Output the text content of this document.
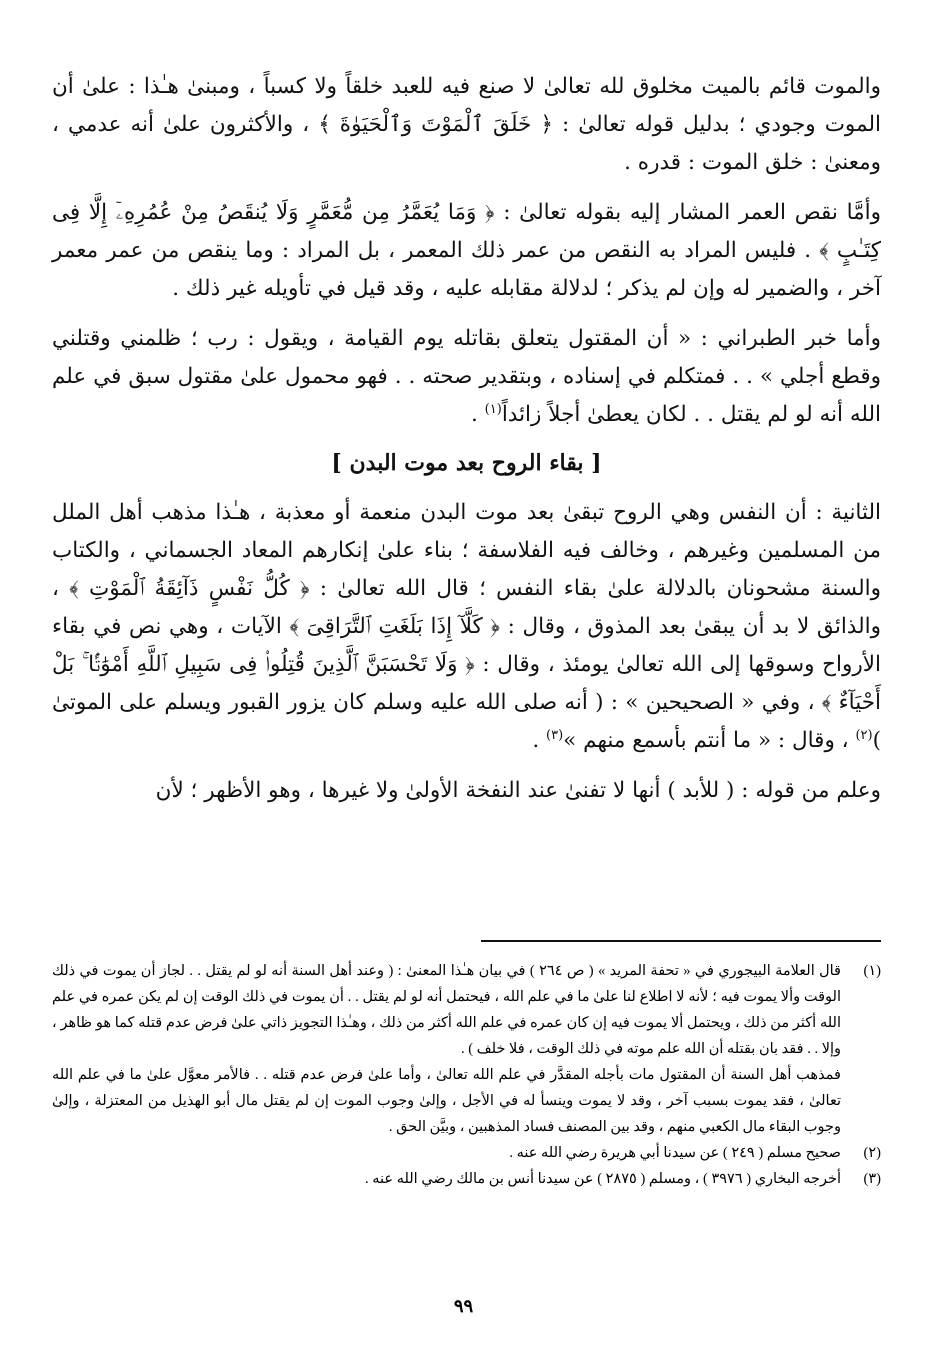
والموت قائم بالميت مخلوق لله تعالىٰ لا صنع فيه للعبد خلقاً ولا كسباً ، ومبنىٰ هـٰذا : علىٰ أن الموت وجودي ؛ بدليل قوله تعالىٰ : ﴿ خَلَقَ ٱلْمَوْتَ وَٱلْحَيَوٰةَ ﴾ ، والأكثرون علىٰ أنه عدمي ، ومعنىٰ : خلق الموت : قدره .

وأمَّا نقص العمر المشار إليه بقوله تعالىٰ : ﴿ وَمَا يُعَمَّرُ مِن مُّعَمَّرٍ وَلَا يُنقَصُ مِنْ عُمُرِهِۦٓ إِلَّا فِى كِتَـٰبٍ ﴾ . فليس المراد به النقص من عمر ذلك المعمر ، بل المراد : وما ينقص من عمر معمر آخر ، والضمير له وإن لم يذكر ؛ لدلالة مقابله عليه ، وقد قيل في تأويله غير ذلك .

وأما خبر الطبراني : « أن المقتول يتعلق بقاتله يوم القيامة ، ويقول : رب ؛ ظلمني وقتلني وقطع أجلي » . . فمتكلم في إسناده ، وبتقدير صحته . . فهو محمول علىٰ مقتول سبق في علم الله أنه لو لم يقتل . . لكان يعطىٰ أجلاً زائداً$^{(١)}$ .

[ بقاء الروح بعد موت البدن ]

الثانية : أن النفس وهي الروح تبقىٰ بعد موت البدن منعمة أو معذبة ، هـٰذا مذهب أهل الملل من المسلمين وغيرهم ، وخالف فيه الفلاسفة ؛ بناء علىٰ إنكارهم المعاد الجسماني ، والكتاب والسنة مشحونان بالدلالة علىٰ بقاء النفس ؛ قال الله تعالىٰ : ﴿ كُلُّ نَفْسٍ ذَآئِقَةُ ٱلْمَوْتِ ﴾ ، والذائق لا بد أن يبقىٰ بعد المذوق ، وقال : ﴿ كَلَّآ إِذَا بَلَغَتِ ٱلتَّرَاقِىَ ﴾ الآيات ، وهي نص في بقاء الأرواح وسوقها إلى الله تعالىٰ يومئذ ، وقال : ﴿ وَلَا تَحْسَبَنَّ ٱلَّذِينَ قُتِلُوا۟ فِى سَبِيلِ ٱللَّهِ أَمْوَٰتًۢا ۚ بَلْ أَحْيَآءٌ ﴾ ، وفي « الصحيحين » : ( أنه صلى الله عليه وسلم كان يزور القبور ويسلم على الموتىٰ )$^{(٢)}$ ، وقال : « ما أنتم بأسمع منهم »$^{(٣)}$ .

وعلم من قوله : ( للأبد ) أنها لا تفنىٰ عند النفخة الأولىٰ ولا غيرها ، وهو الأظهر ؛ لأن

(١)
قال العلامة البيجوري في « تحفة المريد » ( ص ٢٦٤ ) في بيان هـٰذا المعنىٰ : ( وعند أهل السنة أنه لو لم يقتل . . لجاز أن يموت في ذلك الوقت وألا يموت فيه ؛ لأنه لا اطلاع لنا علىٰ ما في علم الله ، فيحتمل أنه لو لم يقتل . . أن يموت في ذلك الوقت إن لم يكن عمره في علم الله أكثر من ذلك ، ويحتمل ألا يموت فيه إن كان عمره في علم الله أكثر من ذلك ، وهـٰذا التجويز ذاتي علىٰ فرض عدم قتله كما هو ظاهر ، وإلا . . فقد بان بقتله أن الله علم موته في ذلك الوقت ، فلا خلف ) .
فمذهب أهل السنة أن المقتول مات بأجله المقدَّر في علم الله تعالىٰ ، وأما علىٰ فرض عدم قتله . . فالأمر معوَّل علىٰ ما في علم الله تعالىٰ ، فقد يموت بسبب آخر ، وقد لا يموت وينسأ له في الأجل ، وإلىٰ وجوب الموت إن لم يقتل مال أبو الهذيل من المعتزلة ، وإلىٰ وجوب البقاء مال الكعبي منهم ، وقد بين المصنف فساد المذهبين ، وبيَّن الحق .
(٢)
صحيح مسلم ( ٢٤٩ ) عن سيدنا أبي هريرة رضي الله عنه .
(٣)
أخرجه البخاري ( ٣٩٧٦ ) ، ومسلم ( ٢٨٧٥ ) عن سيدنا أنس بن مالك رضي الله عنه .
٩٩
